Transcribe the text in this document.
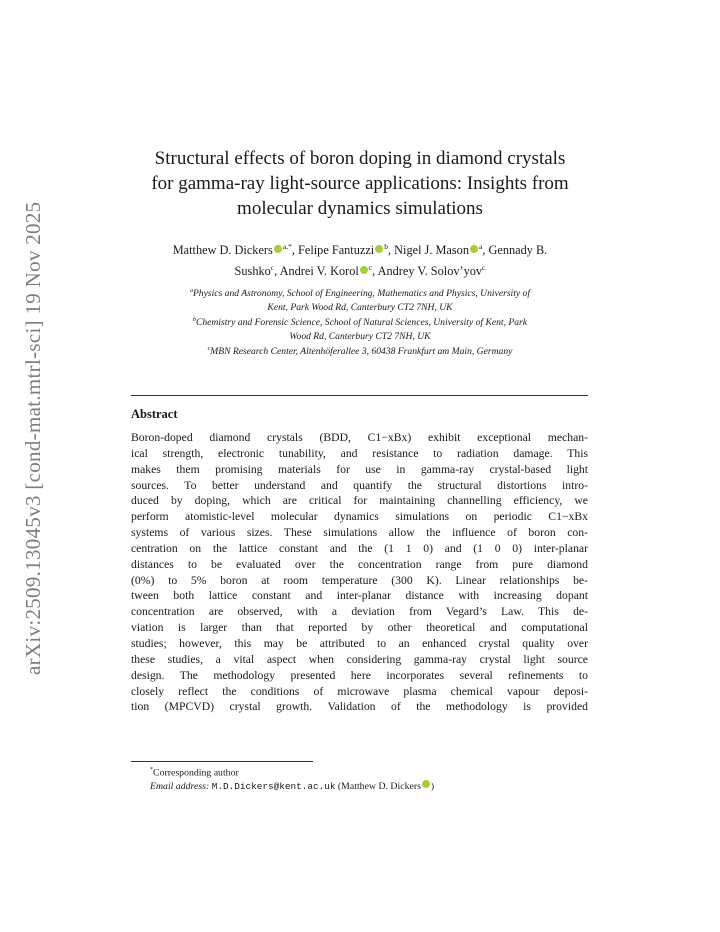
arXiv:2509.13045v3 [cond-mat.mtrl-sci] 19 Nov 2025
Structural effects of boron doping in diamond crystals
for gamma-ray light-source applications: Insights from
molecular dynamics simulations
Matthew D. Dickers $^{a,*}$, Felipe Fantuzzi $^b$, Nigel J. Mason $^a$, Gennady B.
Sushko$^c$, Andrei V. Korol $^c$, Andrey V. Solov’yov$^c$
$^a$Physics and Astronomy, School of Engineering, Mathematics and Physics, University of
Kent, Park Wood Rd, Canterbury CT2 7NH, UK
$^b$Chemistry and Forensic Science, School of Natural Sciences, University of Kent, Park
Wood Rd, Canterbury CT2 7NH, UK
$^c$MBN Research Center, Altenhöferallee 3, 60438 Frankfurt am Main, Germany
Abstract
Boron-doped diamond crystals (BDD, C1−xBx) exhibit exceptional mechan-
ical strength, electronic tunability, and resistance to radiation damage. This
makes them promising materials for use in gamma-ray crystal-based light
sources. To better understand and quantify the structural distortions intro-
duced by doping, which are critical for maintaining channelling efficiency, we
perform atomistic-level molecular dynamics simulations on periodic C1−xBx
systems of various sizes. These simulations allow the influence of boron con-
centration on the lattice constant and the (1 1 0) and (1 0 0) inter-planar
distances to be evaluated over the concentration range from pure diamond
(0%) to 5% boron at room temperature (300 K). Linear relationships be-
tween both lattice constant and inter-planar distance with increasing dopant
concentration are observed, with a deviation from Vegard’s Law. This de-
viation is larger than that reported by other theoretical and computational
studies; however, this may be attributed to an enhanced crystal quality over
these studies, a vital aspect when considering gamma-ray crystal light source
design. The methodology presented here incorporates several refinements to
closely reflect the conditions of microwave plasma chemical vapour deposi-
tion (MPCVD) crystal growth. Validation of the methodology is provided
*Corresponding author
Email address: M.D.Dickers@kent.ac.uk (Matthew D. Dickers )
